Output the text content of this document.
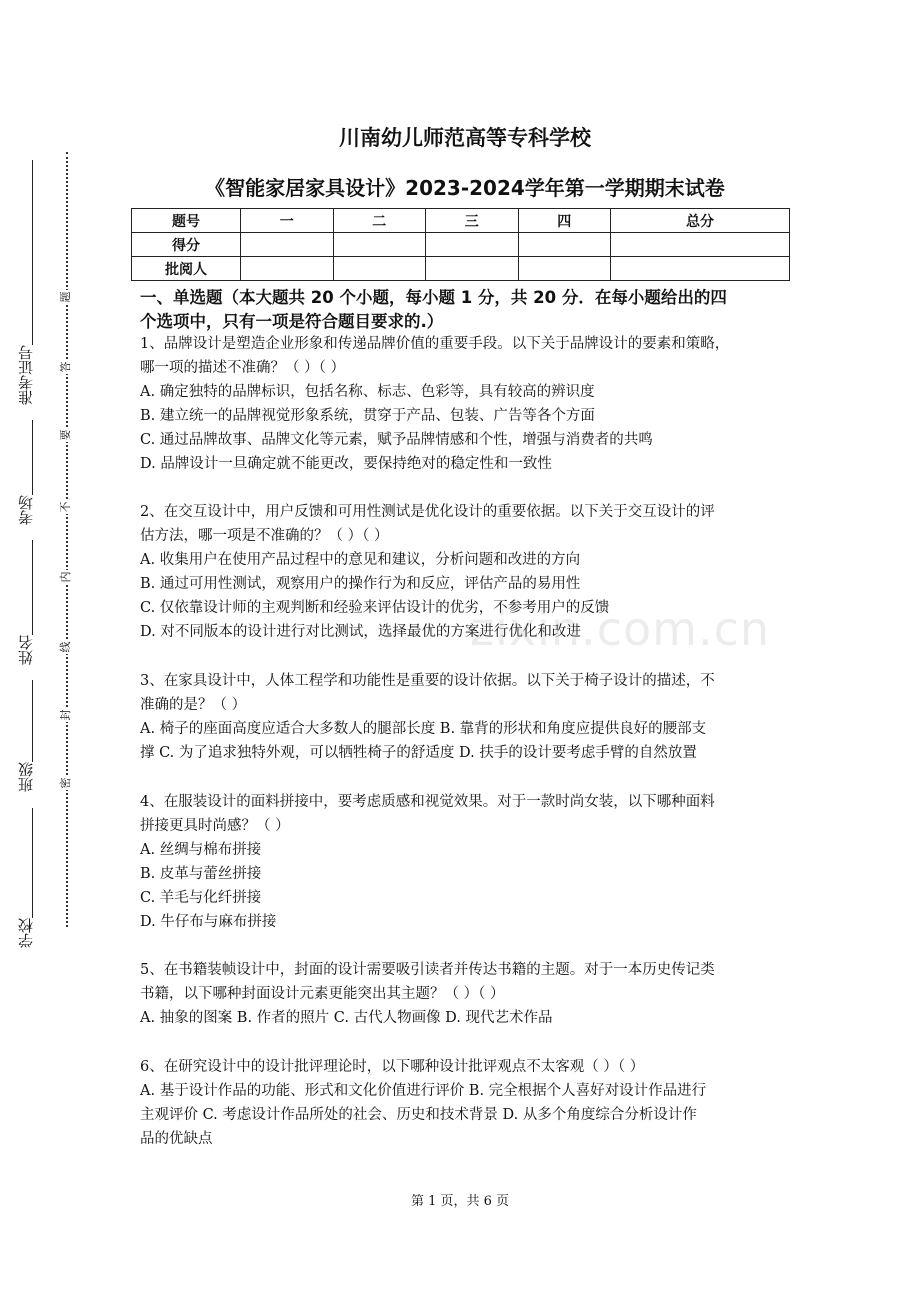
准考证号
考场
姓名
班级
学校
题
答
要
不
内
线
封
密
川南幼儿师范高等专科学校
《智能家居家具设计》2023-2024学年第一学期期末试卷
题号	一	二	三	四	总分
得分					
批阅人					
一、单选题（本大题共 20 个小题，每小题 1 分，共 20 分．在每小题给出的四
个选项中，只有一项是符合题目要求的.）

1、品牌设计是塑造企业形象和传递品牌价值的重要手段。以下关于品牌设计的要素和策略，

哪一项的描述不准确？（ ）（ ）

A. 确定独特的品牌标识，包括名称、标志、色彩等，具有较高的辨识度

B. 建立统一的品牌视觉形象系统，贯穿于产品、包装、广告等各个方面

C. 通过品牌故事、品牌文化等元素，赋予品牌情感和个性，增强与消费者的共鸣

D. 品牌设计一旦确定就不能更改，要保持绝对的稳定性和一致性

2、在交互设计中，用户反馈和可用性测试是优化设计的重要依据。以下关于交互设计的评

估方法，哪一项是不准确的？（ ）（ ）

A. 收集用户在使用产品过程中的意见和建议，分析问题和改进的方向

B. 通过可用性测试，观察用户的操作行为和反应，评估产品的易用性

C. 仅依靠设计师的主观判断和经验来评估设计的优劣，不参考用户的反馈

D. 对不同版本的设计进行对比测试，选择最优的方案进行优化和改进

3、在家具设计中，人体工程学和功能性是重要的设计依据。以下关于椅子设计的描述，不

准确的是？（ ）

A. 椅子的座面高度应适合大多数人的腿部长度 B. 靠背的形状和角度应提供良好的腰部支

撑 C. 为了追求独特外观，可以牺牲椅子的舒适度 D. 扶手的设计要考虑手臂的自然放置

4、在服装设计的面料拼接中，要考虑质感和视觉效果。对于一款时尚女装，以下哪种面料

拼接更具时尚感？（ ）

A. 丝绸与棉布拼接

B. 皮革与蕾丝拼接

C. 羊毛与化纤拼接

D. 牛仔布与麻布拼接

5、在书籍装帧设计中，封面的设计需要吸引读者并传达书籍的主题。对于一本历史传记类

书籍，以下哪种封面设计元素更能突出其主题？（ ）（ ）

A. 抽象的图案 B. 作者的照片 C. 古代人物画像 D. 现代艺术作品

6、在研究设计中的设计批评理论时，以下哪种设计批评观点不太客观（ ）（ ）

A. 基于设计作品的功能、形式和文化价值进行评价 B. 完全根据个人喜好对设计作品进行

主观评价 C. 考虑设计作品所处的社会、历史和技术背景 D. 从多个角度综合分析设计作

品的优缺点

zixin.com.cn
第 1 页，共 6 页
